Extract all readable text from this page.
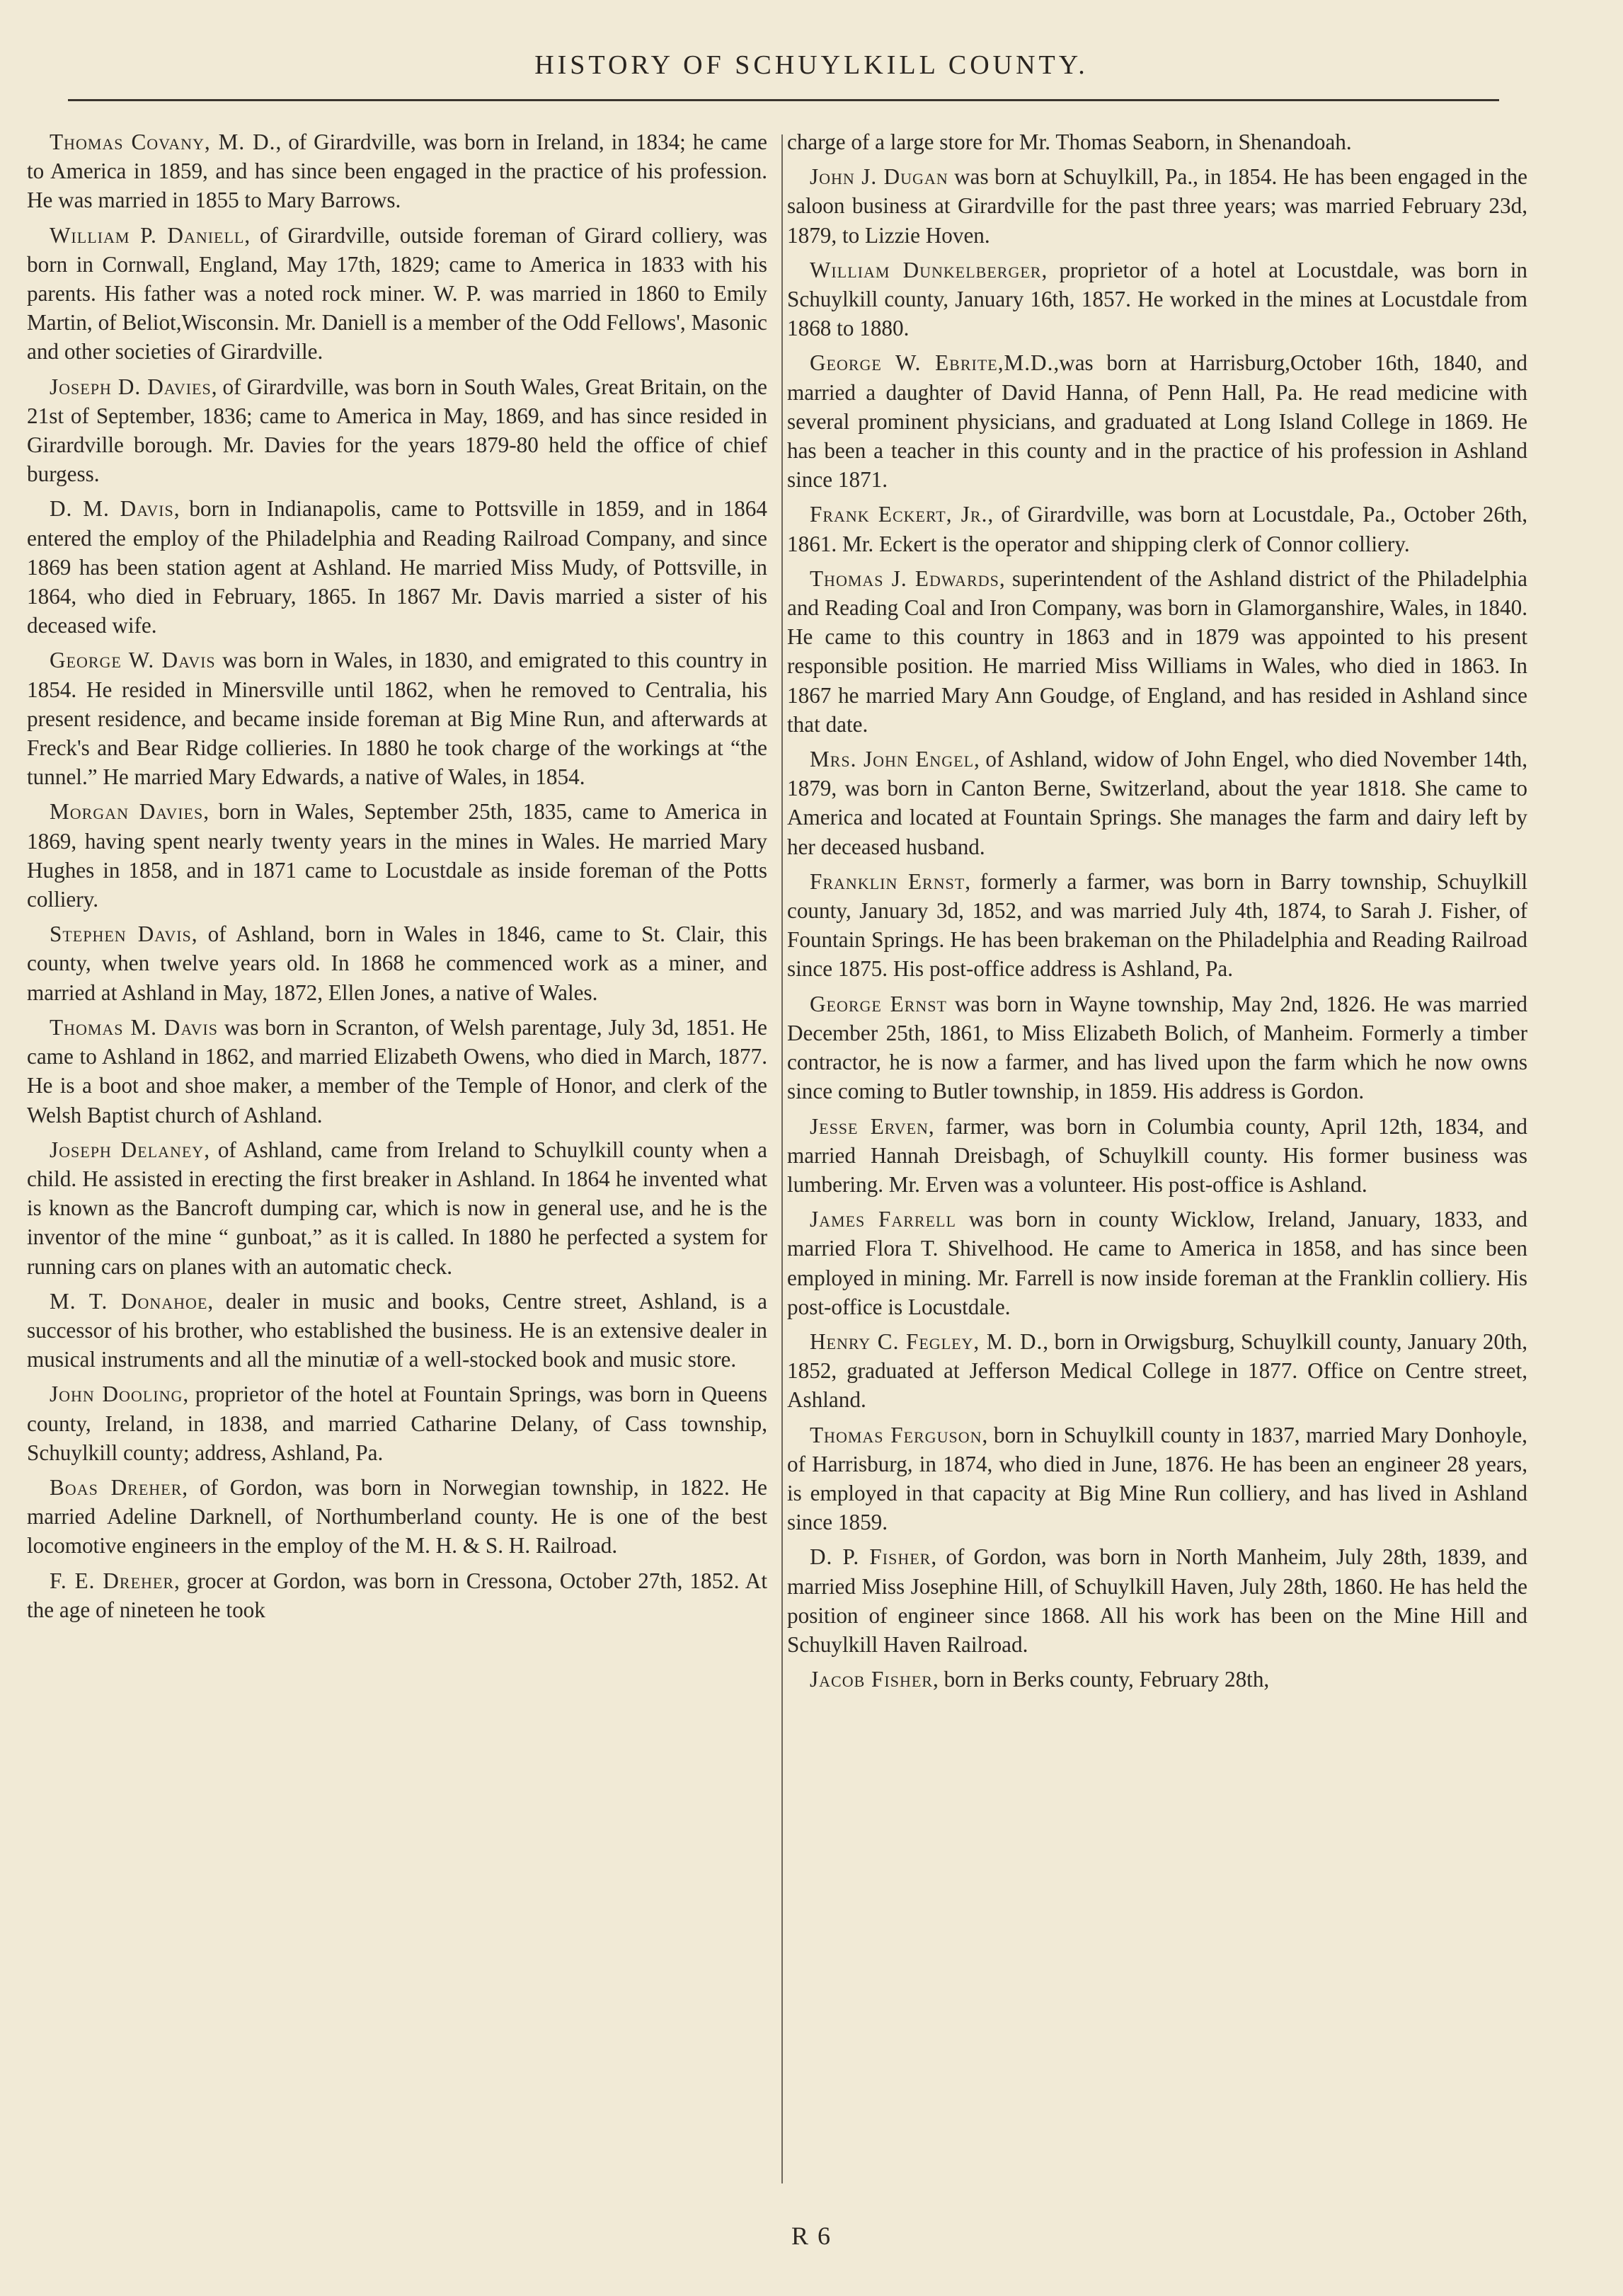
HISTORY OF SCHUYLKILL COUNTY.

Thomas Covany, M. D., of Girardville, was born in Ireland, in 1834; he came to America in 1859, and has since been engaged in the practice of his profession. He was married in 1855 to Mary Barrows.

William P. Daniell, of Girardville, outside foreman of Girard colliery, was born in Cornwall, England, May 17th, 1829; came to America in 1833 with his parents. His father was a noted rock miner. W. P. was married in 1860 to Emily Martin, of Beliot,Wisconsin. Mr. Daniell is a member of the Odd Fellows', Masonic and other societies of Girardville.

Joseph D. Davies, of Girardville, was born in South Wales, Great Britain, on the 21st of September, 1836; came to America in May, 1869, and has since resided in Girardville borough. Mr. Davies for the years 1879-80 held the office of chief burgess.

D. M. Davis, born in Indianapolis, came to Pottsville in 1859, and in 1864 entered the employ of the Philadelphia and Reading Railroad Company, and since 1869 has been station agent at Ashland. He married Miss Mudy, of Pottsville, in 1864, who died in February, 1865. In 1867 Mr. Davis married a sister of his deceased wife.

George W. Davis was born in Wales, in 1830, and emigrated to this country in 1854. He resided in Minersville until 1862, when he removed to Centralia, his present residence, and became inside foreman at Big Mine Run, and afterwards at Freck's and Bear Ridge collieries. In 1880 he took charge of the workings at “the tunnel.” He married Mary Edwards, a native of Wales, in 1854.

Morgan Davies, born in Wales, September 25th, 1835, came to America in 1869, having spent nearly twenty years in the mines in Wales. He married Mary Hughes in 1858, and in 1871 came to Locustdale as inside foreman of the Potts colliery.

Stephen Davis, of Ashland, born in Wales in 1846, came to St. Clair, this county, when twelve years old. In 1868 he commenced work as a miner, and married at Ashland in May, 1872, Ellen Jones, a native of Wales.

Thomas M. Davis was born in Scranton, of Welsh parentage, July 3d, 1851. He came to Ashland in 1862, and married Elizabeth Owens, who died in March, 1877. He is a boot and shoe maker, a member of the Temple of Honor, and clerk of the Welsh Baptist church of Ashland.

Joseph Delaney, of Ashland, came from Ireland to Schuylkill county when a child. He assisted in erecting the first breaker in Ashland. In 1864 he invented what is known as the Bancroft dumping car, which is now in general use, and he is the inventor of the mine “ gunboat,” as it is called. In 1880 he perfected a system for running cars on planes with an automatic check.

M. T. Donahoe, dealer in music and books, Centre street, Ashland, is a successor of his brother, who established the business. He is an extensive dealer in musical instruments and all the minutiæ of a well-stocked book and music store.

John Dooling, proprietor of the hotel at Fountain Springs, was born in Queens county, Ireland, in 1838, and married Catharine Delany, of Cass township, Schuylkill county; address, Ashland, Pa.

Boas Dreher, of Gordon, was born in Norwegian township, in 1822. He married Adeline Darknell, of Northumberland county. He is one of the best locomotive engineers in the employ of the M. H. & S. H. Railroad.

F. E. Dreher, grocer at Gordon, was born in Cressona, October 27th, 1852. At the age of nineteen he took

charge of a large store for Mr. Thomas Seaborn, in Shenandoah.

John J. Dugan was born at Schuylkill, Pa., in 1854. He has been engaged in the saloon business at Girardville for the past three years; was married February 23d, 1879, to Lizzie Hoven.

William Dunkelberger, proprietor of a hotel at Locustdale, was born in Schuylkill county, January 16th, 1857. He worked in the mines at Locustdale from 1868 to 1880.

George W. Ebrite,M.D.,was born at Harrisburg,October 16th, 1840, and married a daughter of David Hanna, of Penn Hall, Pa. He read medicine with several prominent physicians, and graduated at Long Island College in 1869. He has been a teacher in this county and in the practice of his profession in Ashland since 1871.

Frank Eckert, Jr., of Girardville, was born at Locustdale, Pa., October 26th, 1861. Mr. Eckert is the operator and shipping clerk of Connor colliery.

Thomas J. Edwards, superintendent of the Ashland district of the Philadelphia and Reading Coal and Iron Company, was born in Glamorganshire, Wales, in 1840. He came to this country in 1863 and in 1879 was appointed to his present responsible position. He married Miss Williams in Wales, who died in 1863. In 1867 he married Mary Ann Goudge, of England, and has resided in Ashland since that date.

Mrs. John Engel, of Ashland, widow of John Engel, who died November 14th, 1879, was born in Canton Berne, Switzerland, about the year 1818. She came to America and located at Fountain Springs. She manages the farm and dairy left by her deceased husband.

Franklin Ernst, formerly a farmer, was born in Barry township, Schuylkill county, January 3d, 1852, and was married July 4th, 1874, to Sarah J. Fisher, of Fountain Springs. He has been brakeman on the Philadelphia and Reading Railroad since 1875. His post-office address is Ashland, Pa.

George Ernst was born in Wayne township, May 2nd, 1826. He was married December 25th, 1861, to Miss Elizabeth Bolich, of Manheim. Formerly a timber contractor, he is now a farmer, and has lived upon the farm which he now owns since coming to Butler township, in 1859. His address is Gordon.

Jesse Erven, farmer, was born in Columbia county, April 12th, 1834, and married Hannah Dreisbagh, of Schuylkill county. His former business was lumbering. Mr. Erven was a volunteer. His post-office is Ashland.

James Farrell was born in county Wicklow, Ireland, January, 1833, and married Flora T. Shivelhood. He came to America in 1858, and has since been employed in mining. Mr. Farrell is now inside foreman at the Franklin colliery. His post-office is Locustdale.

Henry C. Fegley, M. D., born in Orwigsburg, Schuylkill county, January 20th, 1852, graduated at Jefferson Medical College in 1877. Office on Centre street, Ashland.

Thomas Ferguson, born in Schuylkill county in 1837, married Mary Donhoyle, of Harrisburg, in 1874, who died in June, 1876. He has been an engineer 28 years, is employed in that capacity at Big Mine Run colliery, and has lived in Ashland since 1859.

D. P. Fisher, of Gordon, was born in North Manheim, July 28th, 1839, and married Miss Josephine Hill, of Schuylkill Haven, July 28th, 1860. He has held the position of engineer since 1868. All his work has been on the Mine Hill and Schuylkill Haven Railroad.

Jacob Fisher, born in Berks county, February 28th,

R 6
